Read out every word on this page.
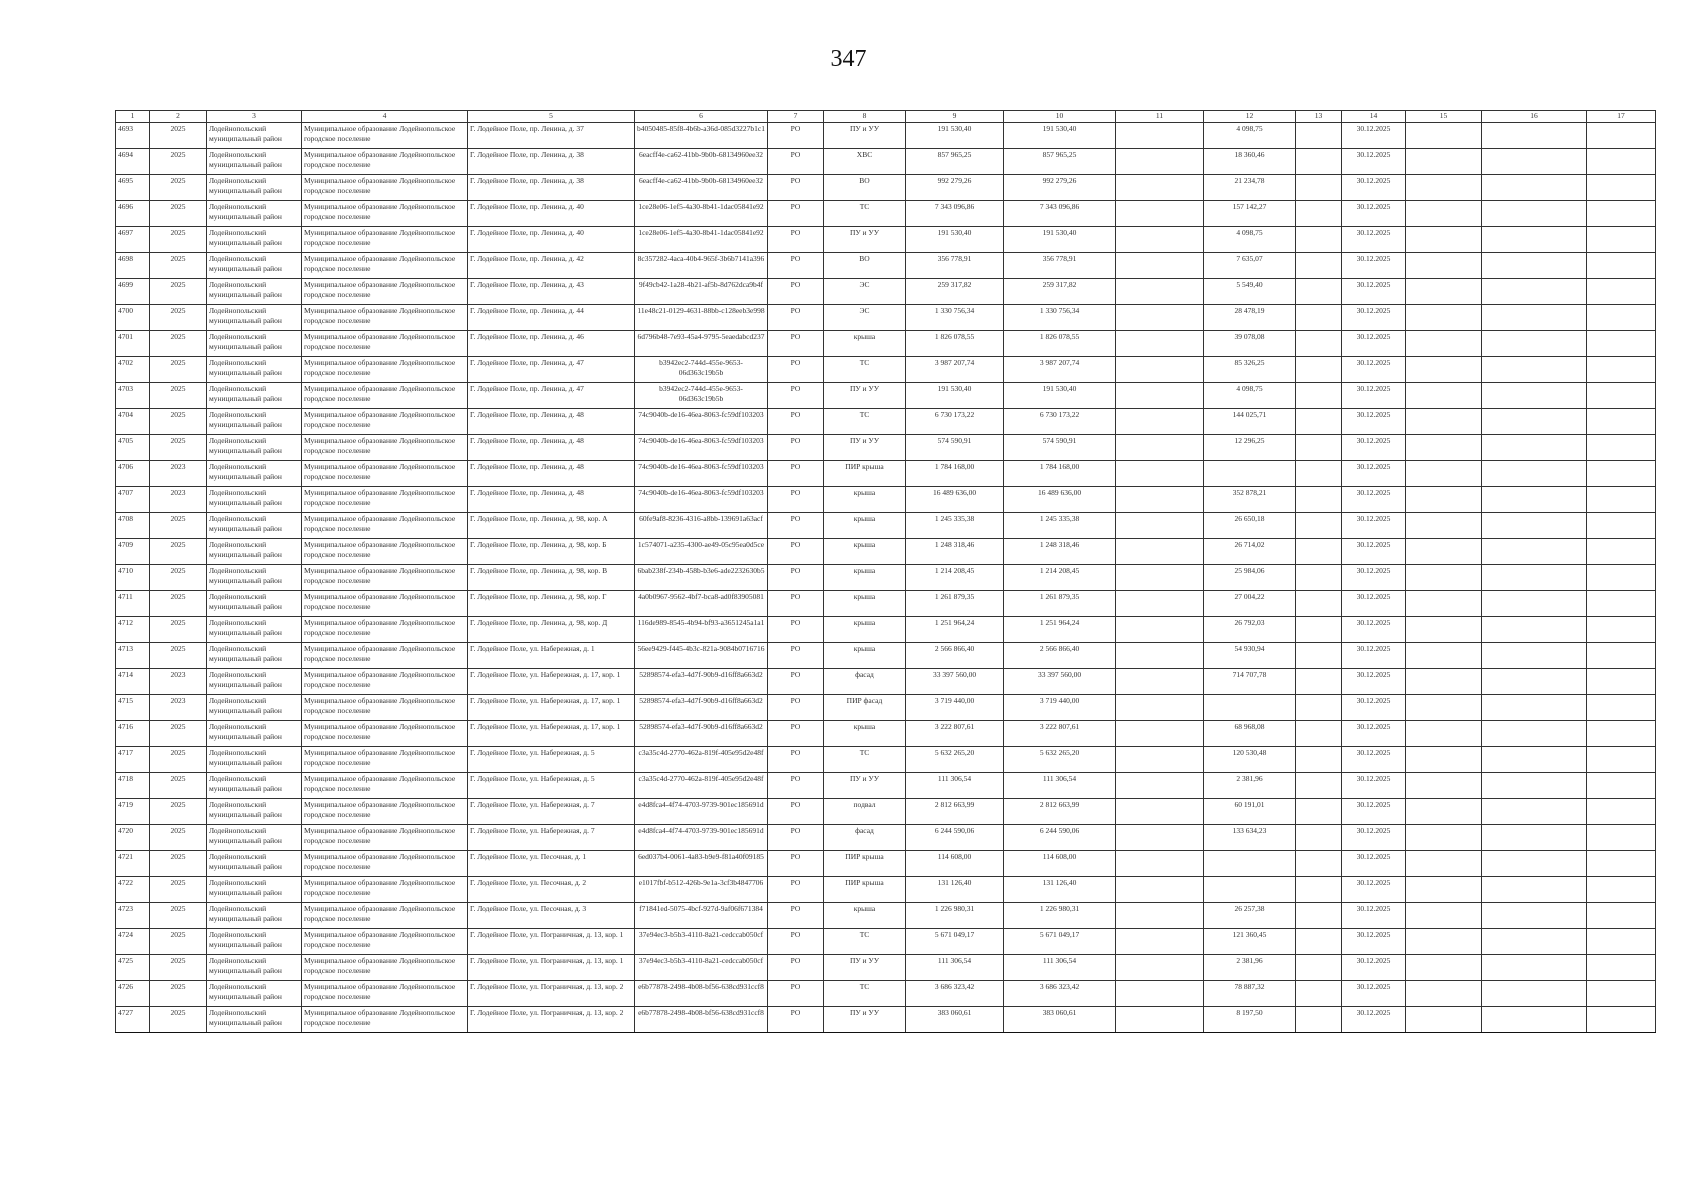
347
1	2	3	4	5	6	7	8	9	10	11	12	13	14	15	16	17
4693	2025	Лодейнопольский муниципальный район	Муниципальное образование Лодейнопольское городское поселение	Г. Лодейное Поле, пр. Ленина, д. 37	b4050485-85f8-4b6b-a36d-085d3227b1c1	РО	ПУ и УУ	191 530,40	191 530,40		4 098,75		30.12.2025			
4694	2025	Лодейнопольский муниципальный район	Муниципальное образование Лодейнопольское городское поселение	Г. Лодейное Поле, пр. Ленина, д. 38	6eacff4e-ca62-41bb-9b0b-68134960ee32	РО	ХВС	857 965,25	857 965,25		18 360,46		30.12.2025			
4695	2025	Лодейнопольский муниципальный район	Муниципальное образование Лодейнопольское городское поселение	Г. Лодейное Поле, пр. Ленина, д. 38	6eacff4e-ca62-41bb-9b0b-68134960ee32	РО	ВО	992 279,26	992 279,26		21 234,78		30.12.2025			
4696	2025	Лодейнопольский муниципальный район	Муниципальное образование Лодейнопольское городское поселение	Г. Лодейное Поле, пр. Ленина, д. 40	1ce28e06-1ef5-4a30-8b41-1dac05841e92	РО	ТС	7 343 096,86	7 343 096,86		157 142,27		30.12.2025			
4697	2025	Лодейнопольский муниципальный район	Муниципальное образование Лодейнопольское городское поселение	Г. Лодейное Поле, пр. Ленина, д. 40	1ce28e06-1ef5-4a30-8b41-1dac05841e92	РО	ПУ и УУ	191 530,40	191 530,40		4 098,75		30.12.2025			
4698	2025	Лодейнопольский муниципальный район	Муниципальное образование Лодейнопольское городское поселение	Г. Лодейное Поле, пр. Ленина, д. 42	8c357282-4aca-40b4-965f-3b6b7141a396	РО	ВО	356 778,91	356 778,91		7 635,07		30.12.2025			
4699	2025	Лодейнопольский муниципальный район	Муниципальное образование Лодейнопольское городское поселение	Г. Лодейное Поле, пр. Ленина, д. 43	9f49cb42-1a28-4b21-af5b-8d762dca9b4f	РО	ЭС	259 317,82	259 317,82		5 549,40		30.12.2025			
4700	2025	Лодейнопольский муниципальный район	Муниципальное образование Лодейнопольское городское поселение	Г. Лодейное Поле, пр. Ленина, д. 44	11e48c21-0129-4631-88bb-c128eeb3e998	РО	ЭС	1 330 756,34	1 330 756,34		28 478,19		30.12.2025			
4701	2025	Лодейнопольский муниципальный район	Муниципальное образование Лодейнопольское городское поселение	Г. Лодейное Поле, пр. Ленина, д. 46	6d796b48-7e93-45a4-9795-5eaedabcd237	РО	крыша	1 826 078,55	1 826 078,55		39 078,08		30.12.2025			
4702	2025	Лодейнопольский муниципальный район	Муниципальное образование Лодейнопольское городское поселение	Г. Лодейное Поле, пр. Ленина, д. 47	b3942ec2-744d-455e-9653-06d363c19b5b	РО	ТС	3 987 207,74	3 987 207,74		85 326,25		30.12.2025			
4703	2025	Лодейнопольский муниципальный район	Муниципальное образование Лодейнопольское городское поселение	Г. Лодейное Поле, пр. Ленина, д. 47	b3942ec2-744d-455e-9653-06d363c19b5b	РО	ПУ и УУ	191 530,40	191 530,40		4 098,75		30.12.2025			
4704	2025	Лодейнопольский муниципальный район	Муниципальное образование Лодейнопольское городское поселение	Г. Лодейное Поле, пр. Ленина, д. 48	74c9040b-de16-46ea-8063-fc59df103203	РО	ТС	6 730 173,22	6 730 173,22		144 025,71		30.12.2025			
4705	2025	Лодейнопольский муниципальный район	Муниципальное образование Лодейнопольское городское поселение	Г. Лодейное Поле, пр. Ленина, д. 48	74c9040b-de16-46ea-8063-fc59df103203	РО	ПУ и УУ	574 590,91	574 590,91		12 296,25		30.12.2025			
4706	2023	Лодейнопольский муниципальный район	Муниципальное образование Лодейнопольское городское поселение	Г. Лодейное Поле, пр. Ленина, д. 48	74c9040b-de16-46ea-8063-fc59df103203	РО	ПИР крыша	1 784 168,00	1 784 168,00				30.12.2025			
4707	2023	Лодейнопольский муниципальный район	Муниципальное образование Лодейнопольское городское поселение	Г. Лодейное Поле, пр. Ленина, д. 48	74c9040b-de16-46ea-8063-fc59df103203	РО	крыша	16 489 636,00	16 489 636,00		352 878,21		30.12.2025			
4708	2025	Лодейнопольский муниципальный район	Муниципальное образование Лодейнопольское городское поселение	Г. Лодейное Поле, пр. Ленина, д. 98, кор. А	60fe9af8-8236-4316-a8bb-139691a63acf	РО	крыша	1 245 335,38	1 245 335,38		26 650,18		30.12.2025			
4709	2025	Лодейнопольский муниципальный район	Муниципальное образование Лодейнопольское городское поселение	Г. Лодейное Поле, пр. Ленина, д. 98, кор. Б	1c574071-a235-4300-ae49-05c95ea0d5ce	РО	крыша	1 248 318,46	1 248 318,46		26 714,02		30.12.2025			
4710	2025	Лодейнопольский муниципальный район	Муниципальное образование Лодейнопольское городское поселение	Г. Лодейное Поле, пр. Ленина, д. 98, кор. В	6bab238f-234b-458b-b3e6-ade2232630b5	РО	крыша	1 214 208,45	1 214 208,45		25 984,06		30.12.2025			
4711	2025	Лодейнопольский муниципальный район	Муниципальное образование Лодейнопольское городское поселение	Г. Лодейное Поле, пр. Ленина, д. 98, кор. Г	4a0b0967-9562-4bf7-bca8-ad0f83905081	РО	крыша	1 261 879,35	1 261 879,35		27 004,22		30.12.2025			
4712	2025	Лодейнопольский муниципальный район	Муниципальное образование Лодейнопольское городское поселение	Г. Лодейное Поле, пр. Ленина, д. 98, кор. Д	116de989-8545-4b94-bf93-a3651245a1a1	РО	крыша	1 251 964,24	1 251 964,24		26 792,03		30.12.2025			
4713	2025	Лодейнопольский муниципальный район	Муниципальное образование Лодейнопольское городское поселение	Г. Лодейное Поле, ул. Набережная, д. 1	56ee9429-f445-4b3c-821a-9084b0716716	РО	крыша	2 566 866,40	2 566 866,40		54 930,94		30.12.2025			
4714	2023	Лодейнопольский муниципальный район	Муниципальное образование Лодейнопольское городское поселение	Г. Лодейное Поле, ул. Набережная, д. 17, кор. 1	52898574-efa3-4d7f-90b9-d16ff8a663d2	РО	фасад	33 397 560,00	33 397 560,00		714 707,78		30.12.2025			
4715	2023	Лодейнопольский муниципальный район	Муниципальное образование Лодейнопольское городское поселение	Г. Лодейное Поле, ул. Набережная, д. 17, кор. 1	52898574-efa3-4d7f-90b9-d16ff8a663d2	РО	ПИР фасад	3 719 440,00	3 719 440,00				30.12.2025			
4716	2025	Лодейнопольский муниципальный район	Муниципальное образование Лодейнопольское городское поселение	Г. Лодейное Поле, ул. Набережная, д. 17, кор. 1	52898574-efa3-4d7f-90b9-d16ff8a663d2	РО	крыша	3 222 807,61	3 222 807,61		68 968,08		30.12.2025			
4717	2025	Лодейнопольский муниципальный район	Муниципальное образование Лодейнопольское городское поселение	Г. Лодейное Поле, ул. Набережная, д. 5	c3a35c4d-2770-462a-819f-405e95d2e48f	РО	ТС	5 632 265,20	5 632 265,20		120 530,48		30.12.2025			
4718	2025	Лодейнопольский муниципальный район	Муниципальное образование Лодейнопольское городское поселение	Г. Лодейное Поле, ул. Набережная, д. 5	c3a35c4d-2770-462a-819f-405e95d2e48f	РО	ПУ и УУ	111 306,54	111 306,54		2 381,96		30.12.2025			
4719	2025	Лодейнопольский муниципальный район	Муниципальное образование Лодейнопольское городское поселение	Г. Лодейное Поле, ул. Набережная, д. 7	e4d8fca4-4f74-4703-9739-901ec185691d	РО	подвал	2 812 663,99	2 812 663,99		60 191,01		30.12.2025			
4720	2025	Лодейнопольский муниципальный район	Муниципальное образование Лодейнопольское городское поселение	Г. Лодейное Поле, ул. Набережная, д. 7	e4d8fca4-4f74-4703-9739-901ec185691d	РО	фасад	6 244 590,06	6 244 590,06		133 634,23		30.12.2025			
4721	2025	Лодейнопольский муниципальный район	Муниципальное образование Лодейнопольское городское поселение	Г. Лодейное Поле, ул. Песочная, д. 1	6ed037b4-0061-4a83-b9e9-f81a40f09185	РО	ПИР крыша	114 608,00	114 608,00				30.12.2025			
4722	2025	Лодейнопольский муниципальный район	Муниципальное образование Лодейнопольское городское поселение	Г. Лодейное Поле, ул. Песочная, д. 2	e1017fbf-b512-426b-9e1a-3cf3b4847706	РО	ПИР крыша	131 126,40	131 126,40				30.12.2025			
4723	2025	Лодейнопольский муниципальный район	Муниципальное образование Лодейнопольское городское поселение	Г. Лодейное Поле, ул. Песочная, д. 3	f71841ed-5075-4bcf-927d-9af06f671384	РО	крыша	1 226 980,31	1 226 980,31		26 257,38		30.12.2025			
4724	2025	Лодейнопольский муниципальный район	Муниципальное образование Лодейнопольское городское поселение	Г. Лодейное Поле, ул. Пограничная, д. 13, кор. 1	37e94ec3-b5b3-4110-8a21-cedccab050cf	РО	ТС	5 671 049,17	5 671 049,17		121 360,45		30.12.2025			
4725	2025	Лодейнопольский муниципальный район	Муниципальное образование Лодейнопольское городское поселение	Г. Лодейное Поле, ул. Пограничная, д. 13, кор. 1	37e94ec3-b5b3-4110-8a21-cedccab050cf	РО	ПУ и УУ	111 306,54	111 306,54		2 381,96		30.12.2025			
4726	2025	Лодейнопольский муниципальный район	Муниципальное образование Лодейнопольское городское поселение	Г. Лодейное Поле, ул. Пограничная, д. 13, кор. 2	e6b77878-2498-4b08-bf56-638cd931ccf8	РО	ТС	3 686 323,42	3 686 323,42		78 887,32		30.12.2025			
4727	2025	Лодейнопольский муниципальный район	Муниципальное образование Лодейнопольское городское поселение	Г. Лодейное Поле, ул. Пограничная, д. 13, кор. 2	e6b77878-2498-4b08-bf56-638cd931ccf8	РО	ПУ и УУ	383 060,61	383 060,61		8 197,50		30.12.2025			
